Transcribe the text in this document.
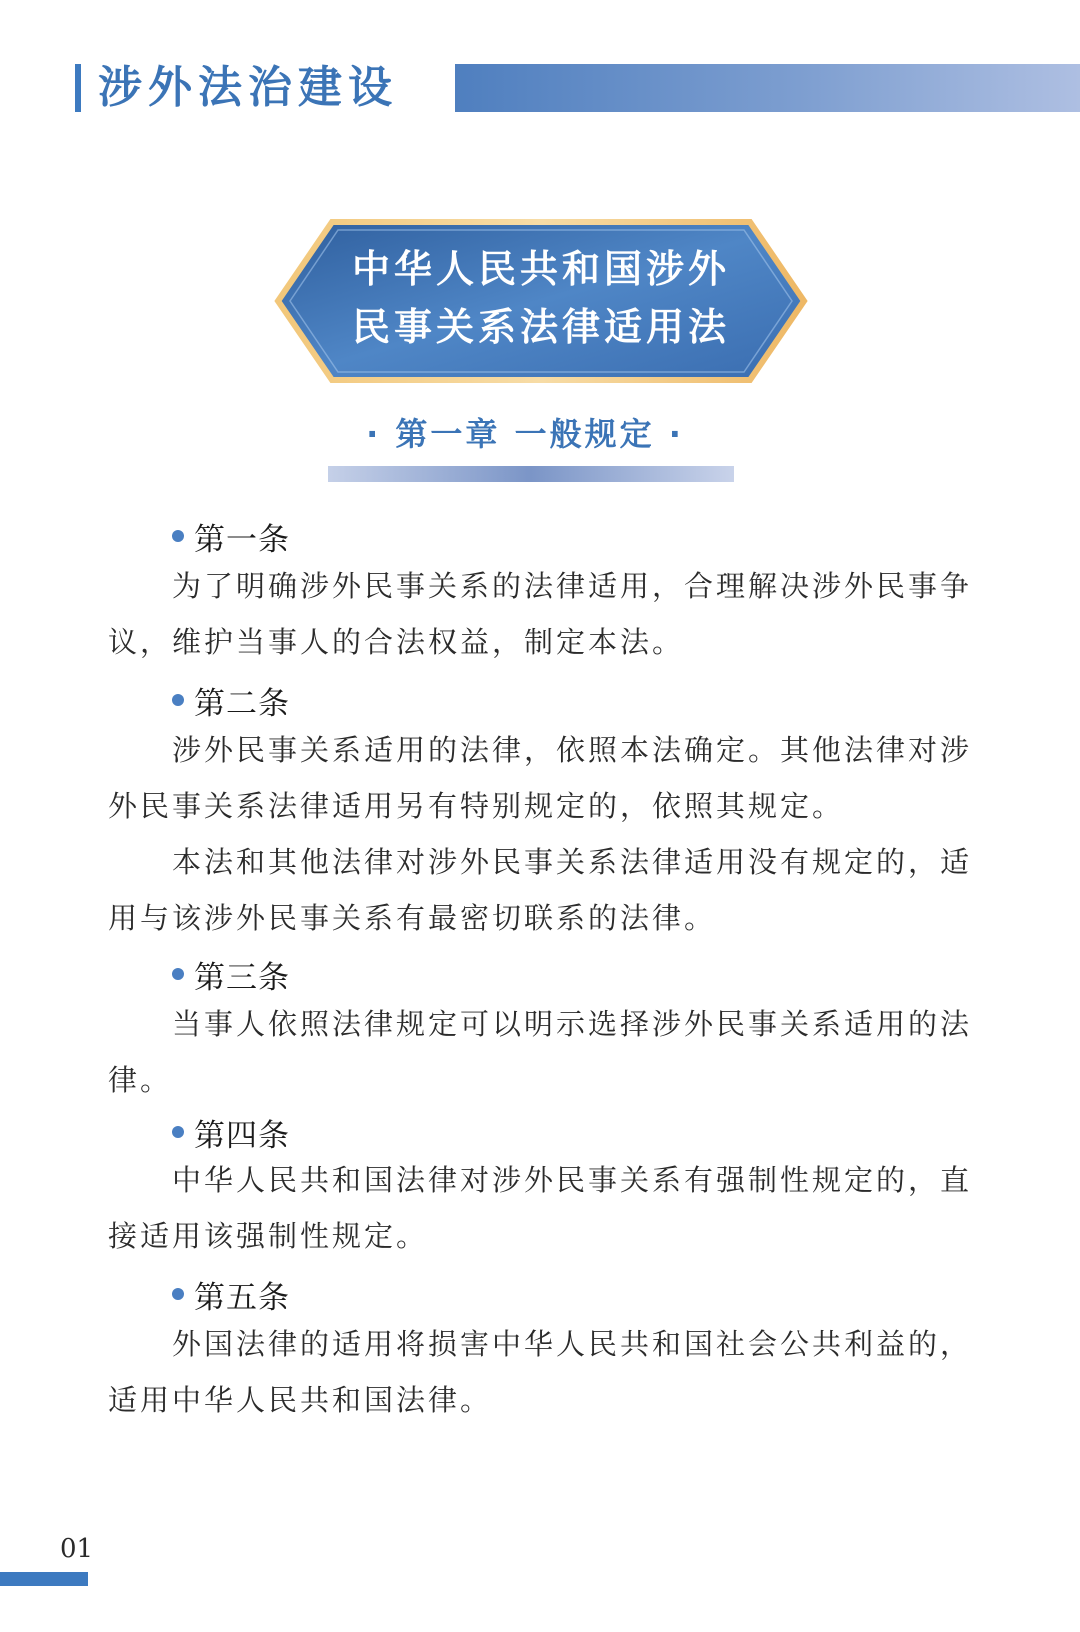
涉外法治建设
中华人民共和国涉外
民事关系法律适用法
· 第一章 一般规定 ·
第一条

为了明确涉外民事关系的法律适用，合理解决涉外民事争议，维护当事人的合法权益，制定本法。

第二条

涉外民事关系适用的法律，依照本法确定。其他法律对涉外民事关系法律适用另有特别规定的，依照其规定。

本法和其他法律对涉外民事关系法律适用没有规定的，适用与该涉外民事关系有最密切联系的法律。

第三条

当事人依照法律规定可以明示选择涉外民事关系适用的法律。

第四条

中华人民共和国法律对涉外民事关系有强制性规定的，直接适用该强制性规定。

第五条

外国法律的适用将损害中华人民共和国社会公共利益的，适用中华人民共和国法律。

01
